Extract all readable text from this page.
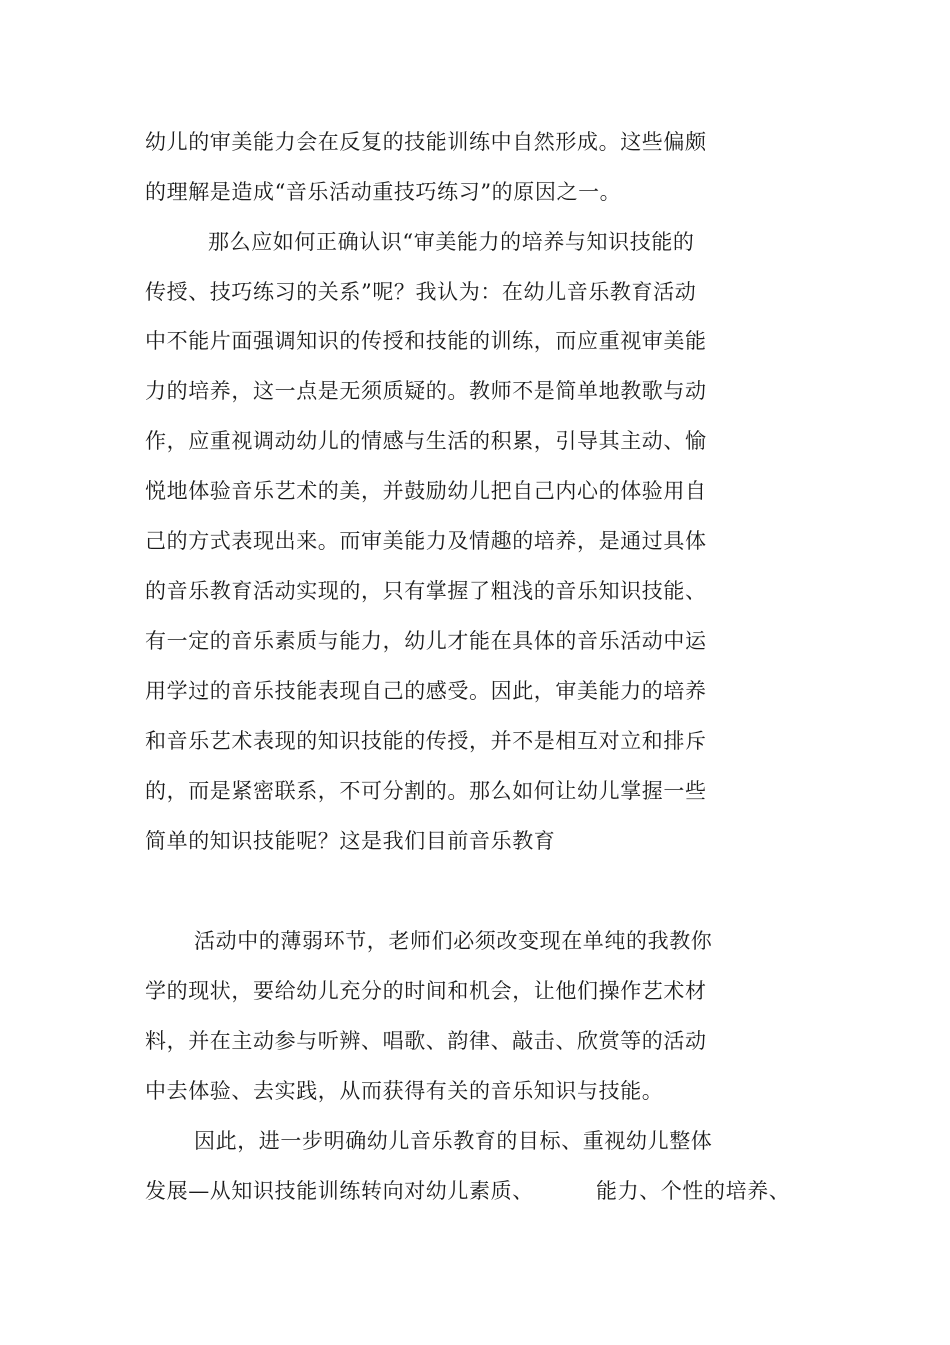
幼儿的审美能力会在反复的技能训练中自然形成。这些偏颇
的理解是造成“音乐活动重技巧练习”的原因之一。
那么应如何正确认识“审美能力的培养与知识技能的
传授、技巧练习的关系”呢？我认为：在幼儿音乐教育活动
中不能片面强调知识的传授和技能的训练，而应重视审美能
力的培养，这一点是无须质疑的。教师不是简单地教歌与动
作，应重视调动幼儿的情感与生活的积累，引导其主动、愉
悦地体验音乐艺术的美，并鼓励幼儿把自己内心的体验用自
己的方式表现出来。而审美能力及情趣的培养，是通过具体
的音乐教育活动实现的，只有掌握了粗浅的音乐知识技能、
有一定的音乐素质与能力，幼儿才能在具体的音乐活动中运
用学过的音乐技能表现自己的感受。因此，审美能力的培养
和音乐艺术表现的知识技能的传授，并不是相互对立和排斥
的，而是紧密联系，不可分割的。那么如何让幼儿掌握一些
简单的知识技能呢？这是我们目前音乐教育
活动中的薄弱环节，老师们必须改变现在单纯的我教你
学的现状，要给幼儿充分的时间和机会，让他们操作艺术材
料，并在主动参与听辨、唱歌、韵律、敲击、欣赏等的活动
中去体验、去实践，从而获得有关的音乐知识与技能。
因此，进一步明确幼儿音乐教育的目标、重视幼儿整体
发展—从知识技能训练转向对幼儿素质、	能力、个性的培养、
